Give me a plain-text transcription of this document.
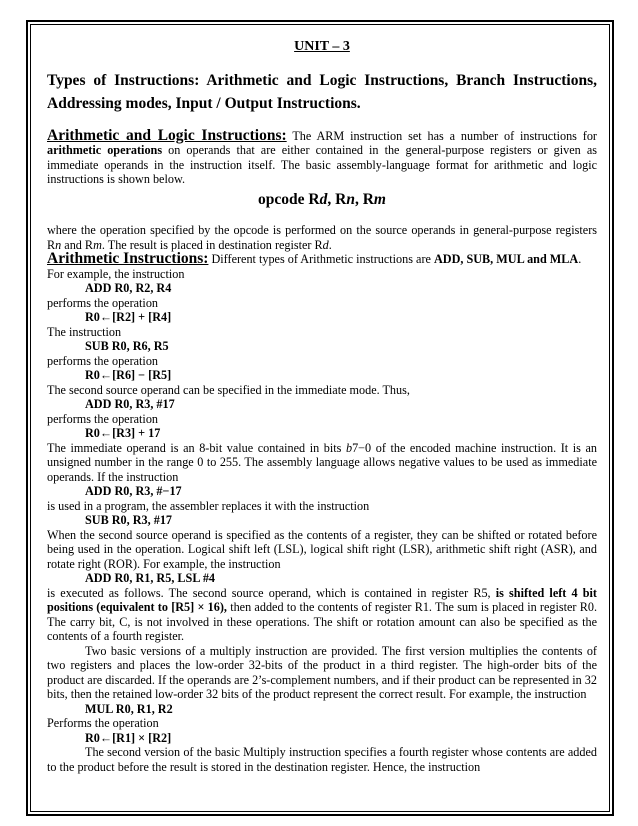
UNIT – 3
Types of Instructions: Arithmetic and Logic Instructions, Branch Instructions, Addressing modes, Input / Output Instructions.

Arithmetic and Logic Instructions: The ARM instruction set has a number of instructions for arithmetic operations on operands that are either contained in the general-purpose registers or given as immediate operands in the instruction itself. The basic assembly-language format for arithmetic and logic instructions is shown below.

opcode Rd, Rn, Rm

where the operation specified by the opcode is performed on the source operands in general-purpose registers Rn and Rm. The result is placed in destination register Rd.

Arithmetic Instructions: Different types of Arithmetic instructions are ADD, SUB, MUL and MLA.

For example, the instruction

ADD R0, R2, R4

performs the operation

R0←[R2] + [R4]

The instruction

SUB R0, R6, R5

performs the operation

R0←[R6] − [R5]

The second source operand can be specified in the immediate mode. Thus,

ADD R0, R3, #17

performs the operation

R0←[R3] + 17

The immediate operand is an 8-bit value contained in bits b7−0 of the encoded machine instruction. It is an unsigned number in the range 0 to 255. The assembly language allows negative values to be used as immediate operands. If the instruction

ADD R0, R3, #−17

is used in a program, the assembler replaces it with the instruction

SUB R0, R3, #17

When the second source operand is specified as the contents of a register, they can be shifted or rotated before being used in the operation. Logical shift left (LSL), logical shift right (LSR), arithmetic shift right (ASR), and rotate right (ROR). For example, the instruction

ADD R0, R1, R5, LSL #4

is executed as follows. The second source operand, which is contained in register R5, is shifted left 4 bit positions (equivalent to [R5] × 16), then added to the contents of register R1. The sum is placed in register R0. The carry bit, C, is not involved in these operations. The shift or rotation amount can also be specified as the contents of a fourth register.

Two basic versions of a multiply instruction are provided. The first version multiplies the contents of two registers and places the low-order 32-bits of the product in a third register. The high-order bits of the product are discarded. If the operands are 2’s-complement numbers, and if their product can be represented in 32 bits, then the retained low-order 32 bits of the product represent the correct result. For example, the instruction

MUL R0, R1, R2

Performs the operation

R0←[R1] × [R2]

The second version of the basic Multiply instruction specifies a fourth register whose contents are added to the product before the result is stored in the destination register. Hence, the instruction
